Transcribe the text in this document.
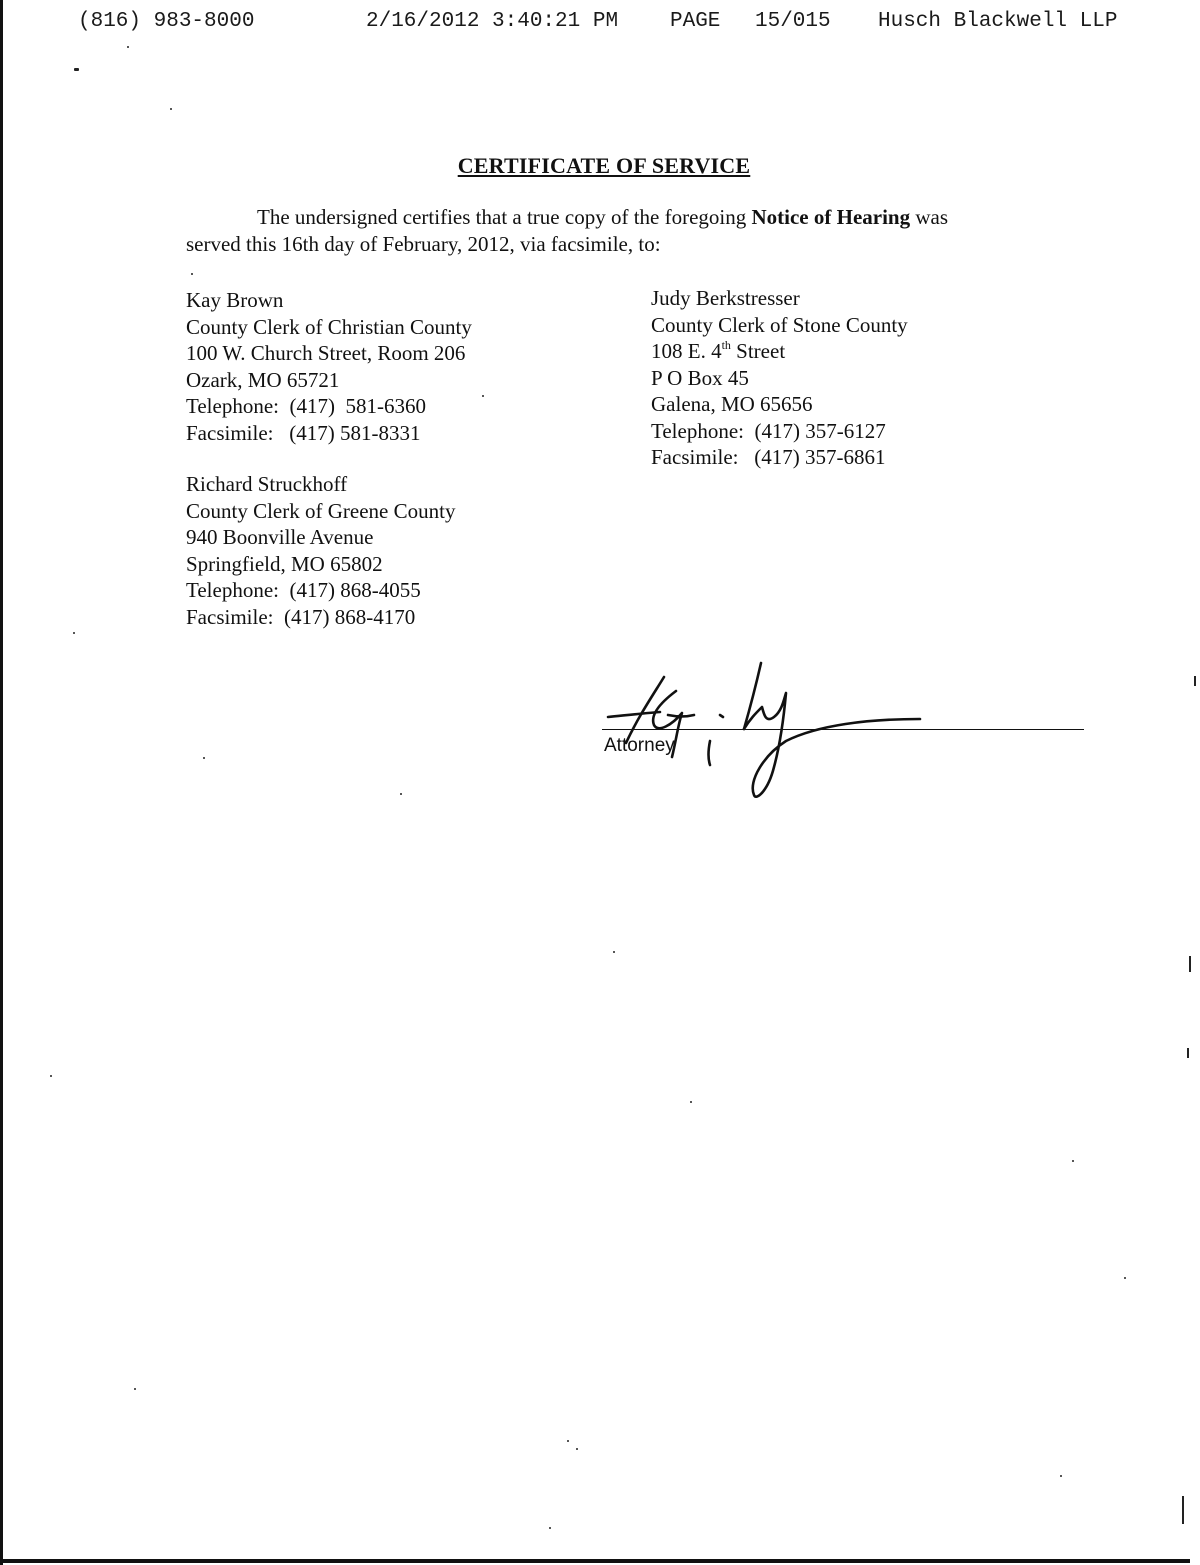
(816) 983-8000	2/16/2012 3:40:21 PM PAGE 15/015 Husch Blackwell LLP
CERTIFICATE OF SERVICE
The undersigned certifies that a true copy of the foregoing Notice of Hearing was
served this 16th day of February, 2012, via facsimile, to:
Kay Brown
County Clerk of Christian County
100 W. Church Street, Room 206
Ozark, MO 65721
Telephone:  (417)  581-6360
Facsimile:   (417) 581-8331
Judy Berkstresser
County Clerk of Stone County
108 E. 4th Street
P O Box 45
Galena, MO 65656
Telephone:  (417) 357-6127
Facsimile:   (417) 357-6861
Richard Struckhoff
County Clerk of Greene County
940 Boonville Avenue
Springfield, MO 65802
Telephone:  (417) 868-4055
Facsimile:  (417) 868-4170
Attorney
